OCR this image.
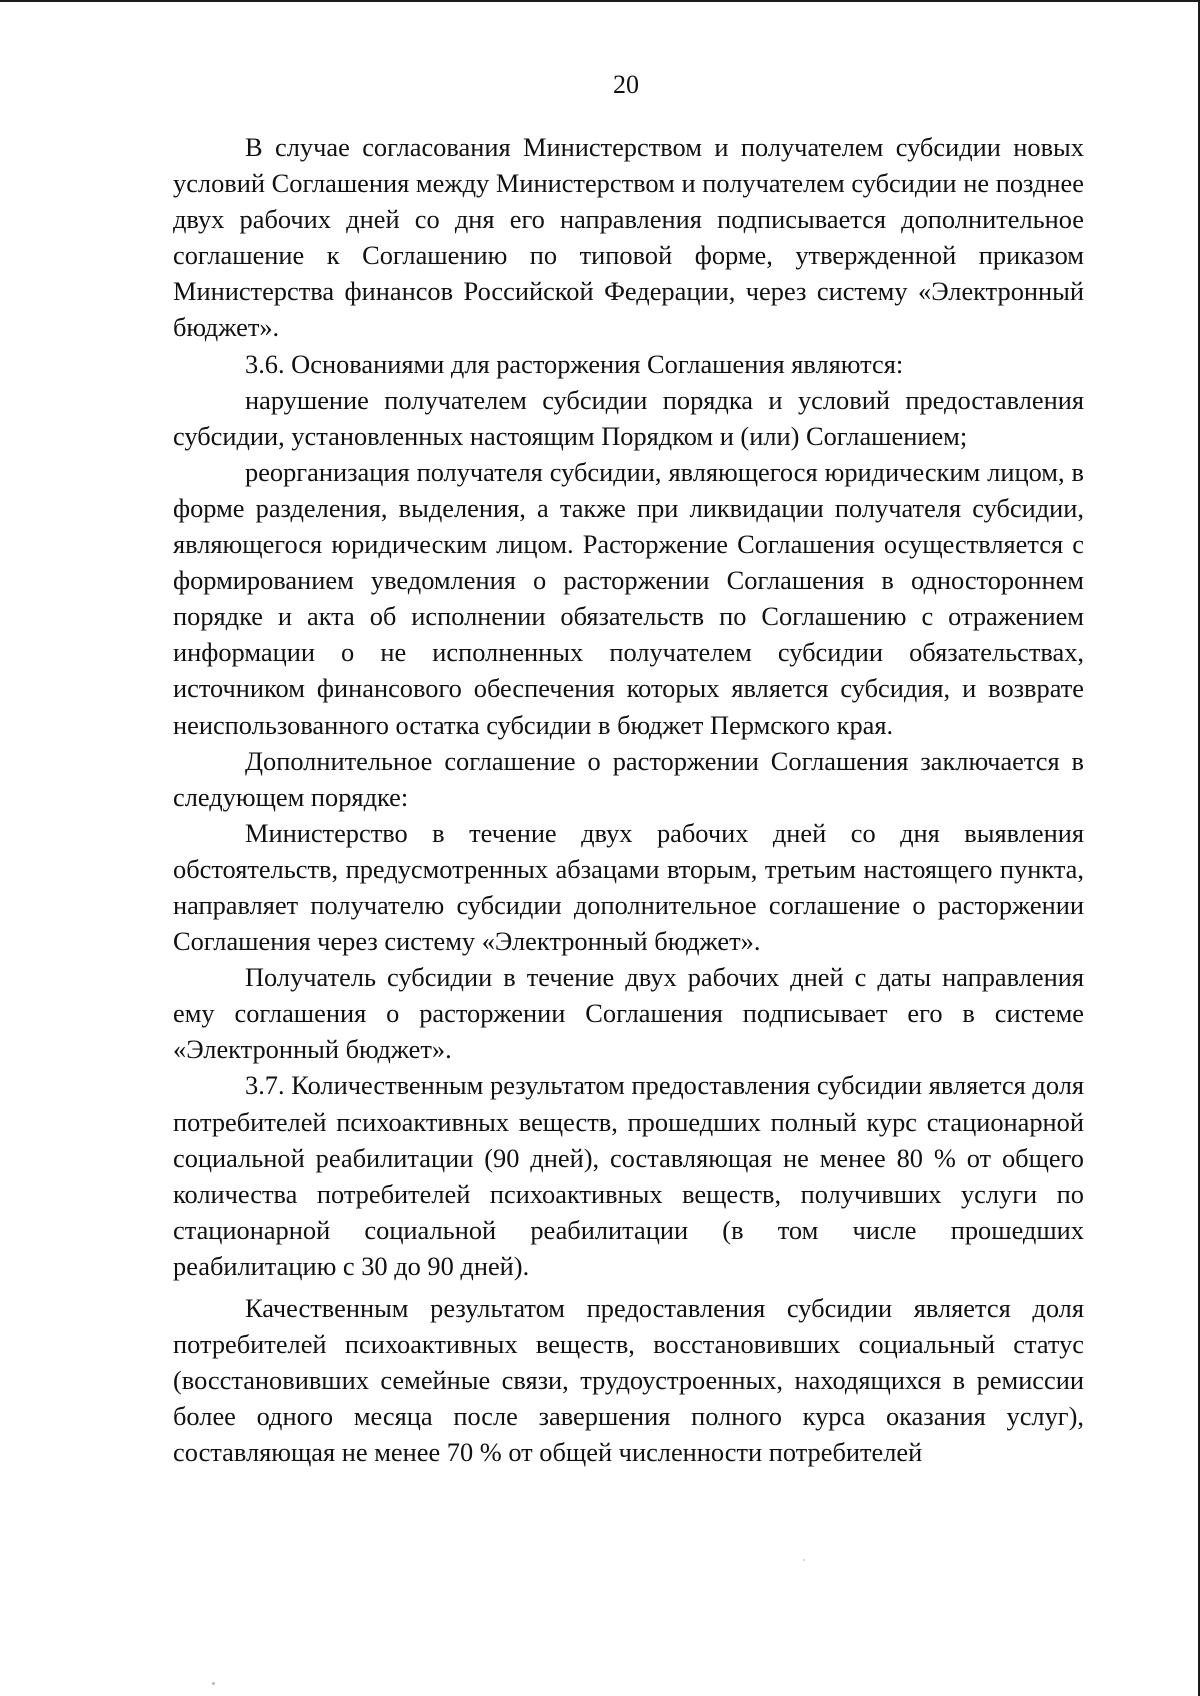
20

В случае согласования Министерством и получателем субсидии новых условий Соглашения между Министерством и получателем субсидии не позднее двух рабочих дней со дня его направления подписывается дополнительное соглашение к Соглашению по типовой форме, утвержденной приказом Министерства финансов Российской Федерации, через систему «Электронный бюджет».

3.6. Основаниями для расторжения Соглашения являются:

нарушение получателем субсидии порядка и условий предоставления субсидии, установленных настоящим Порядком и (или) Соглашением;

реорганизация получателя субсидии, являющегося юридическим лицом, в форме разделения, выделения, а также при ликвидации получателя субсидии, являющегося юридическим лицом. Расторжение Соглашения осуществляется с формированием уведомления о расторжении Соглашения в одностороннем порядке и акта об исполнении обязательств по Соглашению с отражением информации о не исполненных получателем субсидии обязательствах, источником финансового обеспечения которых является субсидия, и возврате неиспользованного остатка субсидии в бюджет Пермского края.

Дополнительное соглашение о расторжении Соглашения заключается в следующем порядке:

Министерство в течение двух рабочих дней со дня выявления обстоятельств, предусмотренных абзацами вторым, третьим настоящего пункта, направляет получателю субсидии дополнительное соглашение о расторжении Соглашения через систему «Электронный бюджет».

Получатель субсидии в течение двух рабочих дней с даты направления ему соглашения о расторжении Соглашения подписывает его в системе «Электронный бюджет».

3.7. Количественным результатом предоставления субсидии является доля потребителей психоактивных веществ, прошедших полный курс стационарной социальной реабилитации (90 дней), составляющая не менее 80 % от общего количества потребителей психоактивных веществ, получивших услуги по стационарной социальной реабилитации (в том числе прошедших реабилитацию с 30 до 90 дней).

Качественным результатом предоставления субсидии является доля потребителей психоактивных веществ, восстановивших социальный статус (восстановивших семейные связи, трудоустроенных, находящихся в ремиссии более одного месяца после завершения полного курса оказания услуг), составляющая не менее 70 % от общей численности потребителей
